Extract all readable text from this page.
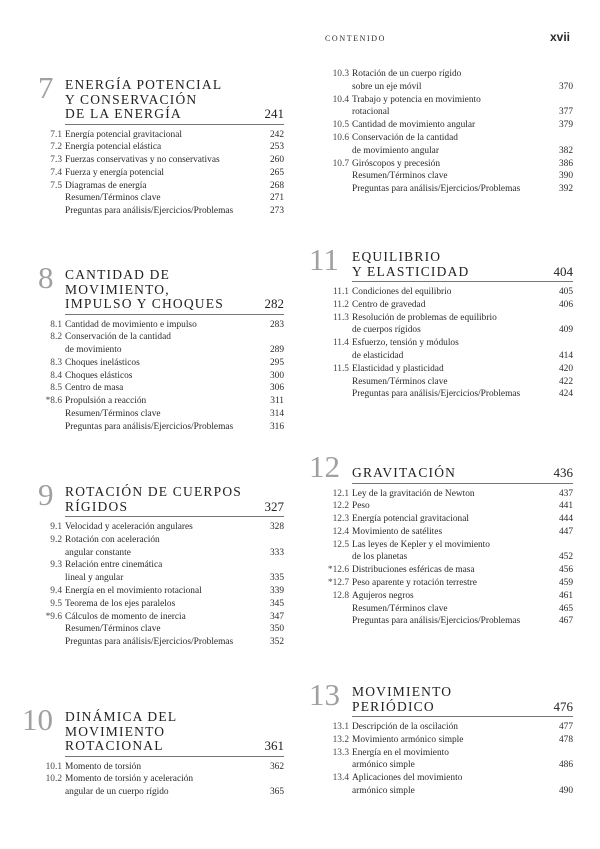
CONTENIDO	xvii
7 ENERGÍA POTENCIAL
Y CONSERVACIÓN
DE LA ENERGÍA	241
7.1 Energía potencial gravitacional	242
7.2 Energía potencial elástica	253
7.3 Fuerzas conservativas y no conservativas	260
7.4 Fuerza y energía potencial	265
7.5 Diagramas de energía	268
Resumen/Términos clave	271
Preguntas para análisis/Ejercicios/Problemas	273
8 CANTIDAD DE MOVIMIENTO,
IMPULSO Y CHOQUES	282
8.1 Cantidad de movimiento e impulso	283
8.2 Conservación de la cantidad
de movimiento	289
8.3 Choques inelásticos	295
8.4 Choques elásticos	300
8.5 Centro de masa	306
*8.6 Propulsión a reacción	311
Resumen/Términos clave	314
Preguntas para análisis/Ejercicios/Problemas	316
9 ROTACIÓN DE CUERPOS
RÍGIDOS	327
9.1 Velocidad y aceleración angulares	328
9.2 Rotación con aceleración
angular constante	333
9.3 Relación entre cinemática
lineal y angular	335
9.4 Energía en el movimiento rotacional	339
9.5 Teorema de los ejes paralelos	345
*9.6 Cálculos de momento de inercia	347
Resumen/Términos clave	350
Preguntas para análisis/Ejercicios/Problemas	352
10 DINÁMICA DEL
MOVIMIENTO
ROTACIONAL	361
10.1 Momento de torsión	362
10.2 Momento de torsión y aceleración
angular de un cuerpo rígido	365
10.3 Rotación de un cuerpo rígido
sobre un eje móvil	370
10.4 Trabajo y potencia en movimiento
rotacional	377
10.5 Cantidad de movimiento angular	379
10.6 Conservación de la cantidad
de movimiento angular	382
10.7 Giróscopos y precesión	386
Resumen/Términos clave	390
Preguntas para análisis/Ejercicios/Problemas	392
11 EQUILIBRIO
Y ELASTICIDAD	404
11.1 Condiciones del equilibrio	405
11.2 Centro de gravedad	406
11.3 Resolución de problemas de equilibrio
de cuerpos rígidos	409
11.4 Esfuerzo, tensión y módulos
de elasticidad	414
11.5 Elasticidad y plasticidad	420
Resumen/Términos clave	422
Preguntas para análisis/Ejercicios/Problemas	424
12 GRAVITACIÓN	436
12.1 Ley de la gravitación de Newton	437
12.2 Peso	441
12.3 Energía potencial gravitacional	444
12.4 Movimiento de satélites	447
12.5 Las leyes de Kepler y el movimiento
de los planetas	452
*12.6 Distribuciones esféricas de masa	456
*12.7 Peso aparente y rotación terrestre	459
12.8 Agujeros negros	461
Resumen/Términos clave	465
Preguntas para análisis/Ejercicios/Problemas	467
13 MOVIMIENTO
PERIÓDICO	476
13.1 Descripción de la oscilación	477
13.2 Movimiento armónico simple	478
13.3 Energía en el movimiento
armónico simple	486
13.4 Aplicaciones del movimiento
armónico simple	490
